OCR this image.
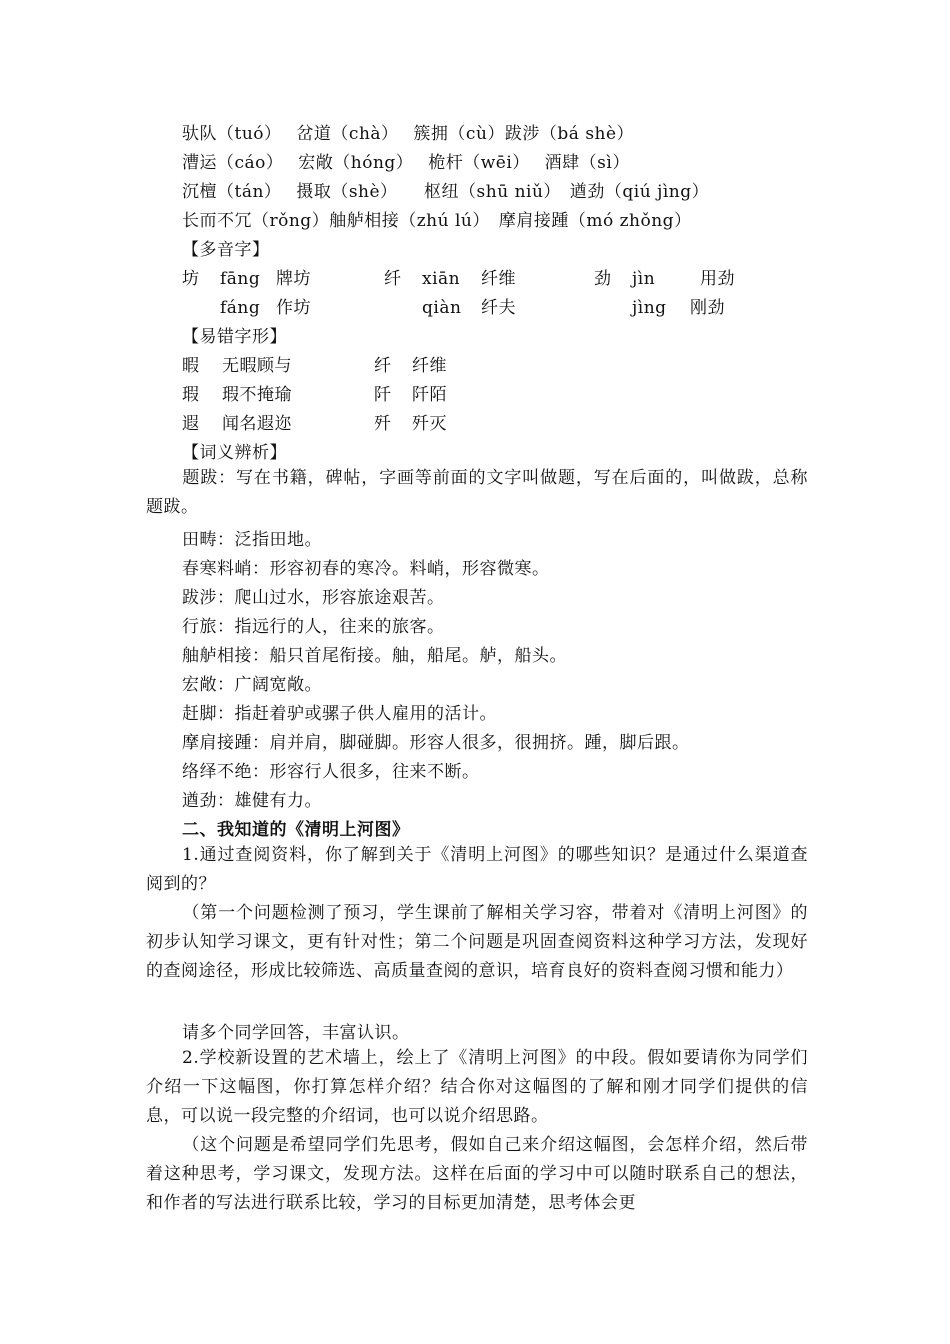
驮队（tuó）　 岔道（chà）　 簇拥（cù）跋涉（bá shè）
漕运（cáo）　 宏敞（hóng）　 桅杆（wēi）　 酒肆（sì）
沉檀（tán）　 摄取（shè）　　枢纽（shū niǔ）　遒劲（qiú jìng）
长而不冗（rǒng）舳舻相接（zhú lú）　摩肩接踵（mó zhǒng）
【多音字】
坊 fāng 牌坊	纤 xiān 纤维	劲 jìn	用劲
fáng 作坊	qiàn 纤夫	jìng 刚劲
【易错字形】
暇 无暇顾与	纤 纤维
瑕 瑕不掩瑜	阡 阡陌
遐 闻名遐迩	歼 歼灭
【词义辨析】
题跋：写在书籍，碑帖，字画等前面的文字叫做题，写在后面的，叫做跋，总称题跋。
田畴：泛指田地。
春寒料峭：形容初春的寒冷。料峭，形容微寒。
跋涉：爬山过水，形容旅途艰苦。
行旅：指远行的人，往来的旅客。
舳舻相接：船只首尾衔接。舳，船尾。舻，船头。
宏敞：广阔宽敞。
赶脚：指赶着驴或骡子供人雇用的活计。
摩肩接踵：肩并肩，脚碰脚。形容人很多，很拥挤。踵，脚后跟。
络绎不绝：形容行人很多，往来不断。
遒劲：雄健有力。
二、我知道的《清明上河图》
1.通过查阅资料，你了解到关于《清明上河图》的哪些知识？是通过什么渠道查阅到的？
（第一个问题检测了预习，学生课前了解相关学习容，带着对《清明上河图》的初步认知学习课文，更有针对性；第二个问题是巩固查阅资料这种学习方法，发现好的查阅途径，形成比较筛选、高质量查阅的意识，培育良好的资料查阅习惯和能力）
请多个同学回答，丰富认识。
2.学校新设置的艺术墙上，绘上了《清明上河图》的中段。假如要请你为同学们介绍一下这幅图，你打算怎样介绍？结合你对这幅图的了解和刚才同学们提供的信息，可以说一段完整的介绍词，也可以说介绍思路。
（这个问题是希望同学们先思考，假如自己来介绍这幅图，会怎样介绍，然后带着这种思考，学习课文，发现方法。这样在后面的学习中可以随时联系自己的想法，和作者的写法进行联系比较，学习的目标更加清楚，思考体会更
